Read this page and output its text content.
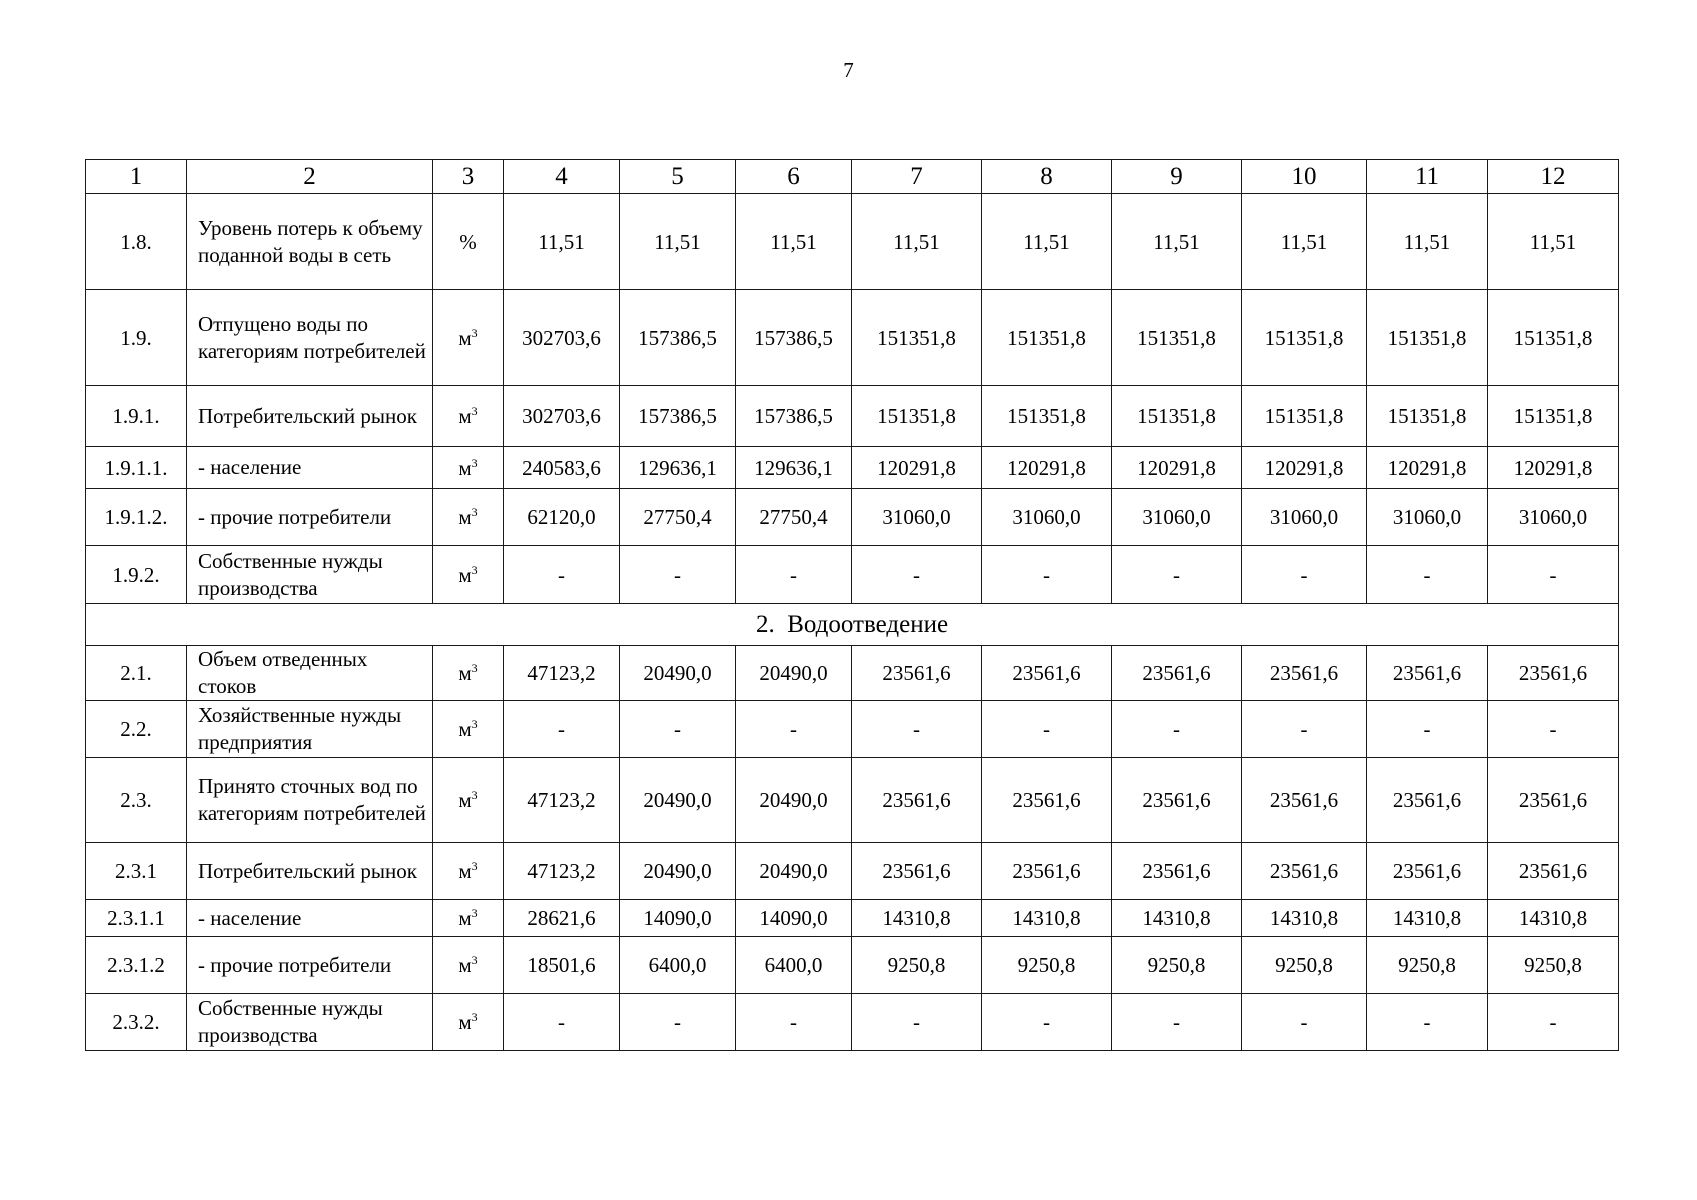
7
1	2	3	4	5	6	7	8	9	10	11	12
1.8.	Уровень потерь к объему поданной воды в сеть	%	11,51	11,51	11,51	11,51	11,51	11,51	11,51	11,51	11,51
1.9.	Отпущено воды по категориям потребителей	$м^3$	302703,6	157386,5	157386,5	151351,8	151351,8	151351,8	151351,8	151351,8	151351,8
1.9.1.	Потребительский рынок	$м^3$	302703,6	157386,5	157386,5	151351,8	151351,8	151351,8	151351,8	151351,8	151351,8
1.9.1.1.	- население	$м^3$	240583,6	129636,1	129636,1	120291,8	120291,8	120291,8	120291,8	120291,8	120291,8
1.9.1.2.	- прочие потребители	$м^3$	62120,0	27750,4	27750,4	31060,0	31060,0	31060,0	31060,0	31060,0	31060,0
1.9.2.	Собственные нужды производства	$м^3$	-	-	-	-	-	-	-	-	-
2.  Водоотведение											
2.1.	Объем отведенных стоков	$м^3$	47123,2	20490,0	20490,0	23561,6	23561,6	23561,6	23561,6	23561,6	23561,6
2.2.	Хозяйственные нужды предприятия	$м^3$	-	-	-	-	-	-	-	-	-
2.3.	Принято сточных вод по категориям потребителей	$м^3$	47123,2	20490,0	20490,0	23561,6	23561,6	23561,6	23561,6	23561,6	23561,6
2.3.1	Потребительский рынок	$м^3$	47123,2	20490,0	20490,0	23561,6	23561,6	23561,6	23561,6	23561,6	23561,6
2.3.1.1	- население	$м^3$	28621,6	14090,0	14090,0	14310,8	14310,8	14310,8	14310,8	14310,8	14310,8
2.3.1.2	- прочие потребители	$м^3$	18501,6	6400,0	6400,0	9250,8	9250,8	9250,8	9250,8	9250,8	9250,8
2.3.2.	Собственные нужды производства	$м^3$	-	-	-	-	-	-	-	-	-
